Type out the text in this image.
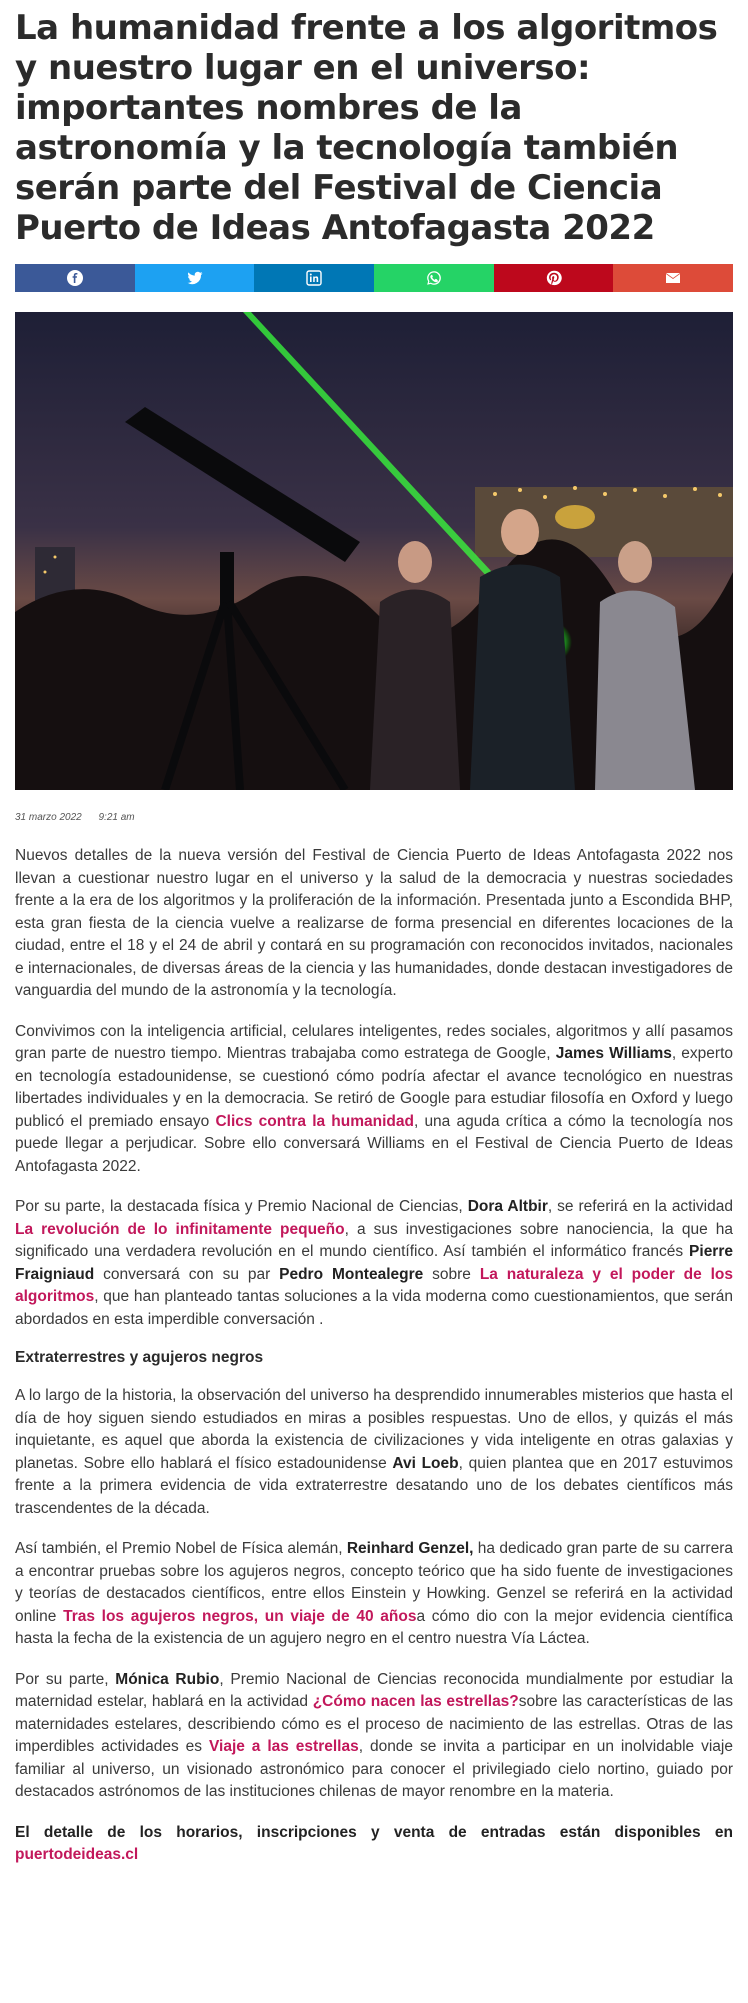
La humanidad frente a los algoritmos y nuestro lugar en el universo: importantes nombres de la astronomía y la tecnología también serán parte del Festival de Ciencia Puerto de Ideas Antofagasta 2022
31 marzo 2022 9:21 am

Nuevos detalles de la nueva versión del Festival de Ciencia Puerto de Ideas Antofagasta 2022 nos llevan a cuestionar nuestro lugar en el universo y la salud de la democracia y nuestras sociedades frente a la era de los algoritmos y la proliferación de la información. Presentada junto a Escondida BHP, esta gran fiesta de la ciencia vuelve a realizarse de forma presencial en diferentes locaciones de la ciudad, entre el 18 y el 24 de abril y contará en su programación con reconocidos invitados, nacionales e internacionales, de diversas áreas de la ciencia y las humanidades, donde destacan investigadores de vanguardia del mundo de la astronomía y la tecnología.

Convivimos con la inteligencia artificial, celulares inteligentes, redes sociales, algoritmos y allí pasamos gran parte de nuestro tiempo. Mientras trabajaba como estratega de Google, James Williams, experto en tecnología estadounidense, se cuestionó cómo podría afectar el avance tecnológico en nuestras libertades individuales y en la democracia. Se retiró de Google para estudiar filosofía en Oxford y luego publicó el premiado ensayo Clics contra la humanidad, una aguda crítica a cómo la tecnología nos puede llegar a perjudicar. Sobre ello conversará Williams en el Festival de Ciencia Puerto de Ideas Antofagasta 2022.

Por su parte, la destacada física y Premio Nacional de Ciencias, Dora Altbir, se referirá en la actividad La revolución de lo infinitamente pequeño, a sus investigaciones sobre nanociencia, la que ha significado una verdadera revolución en el mundo científico. Así también el informático francés Pierre Fraigniaud conversará con su par Pedro Montealegre sobre La naturaleza y el poder de los algoritmos, que han planteado tantas soluciones a la vida moderna como cuestionamientos, que serán abordados en esta imperdible conversación .

Extraterrestres y agujeros negros

A lo largo de la historia, la observación del universo ha desprendido innumerables misterios que hasta el día de hoy siguen siendo estudiados en miras a posibles respuestas. Uno de ellos, y quizás el más inquietante, es aquel que aborda la existencia de civilizaciones y vida inteligente en otras galaxias y planetas. Sobre ello hablará el físico estadounidense Avi Loeb, quien plantea que en 2017 estuvimos frente a la primera evidencia de vida extraterrestre desatando uno de los debates científicos más trascendentes de la década.

Así también, el Premio Nobel de Física alemán, Reinhard Genzel, ha dedicado gran parte de su carrera a encontrar pruebas sobre los agujeros negros, concepto teórico que ha sido fuente de investigaciones y teorías de destacados científicos, entre ellos Einstein y Howking. Genzel se referirá en la actividad online Tras los agujeros negros, un viaje de 40 añosa cómo dio con la mejor evidencia científica hasta la fecha de la existencia de un agujero negro en el centro nuestra Vía Láctea.

Por su parte, Mónica Rubio, Premio Nacional de Ciencias reconocida mundialmente por estudiar la maternidad estelar, hablará en la actividad ¿Cómo nacen las estrellas?sobre las características de las maternidades estelares, describiendo cómo es el proceso de nacimiento de las estrellas. Otras de las imperdibles actividades es Viaje a las estrellas, donde se invita a participar en un inolvidable viaje familiar al universo, un visionado astronómico para conocer el privilegiado cielo nortino, guiado por destacados astrónomos de las instituciones chilenas de mayor renombre en la materia.

El detalle de los horarios, inscripciones y venta de entradas están disponibles en puertodeideas.cl
